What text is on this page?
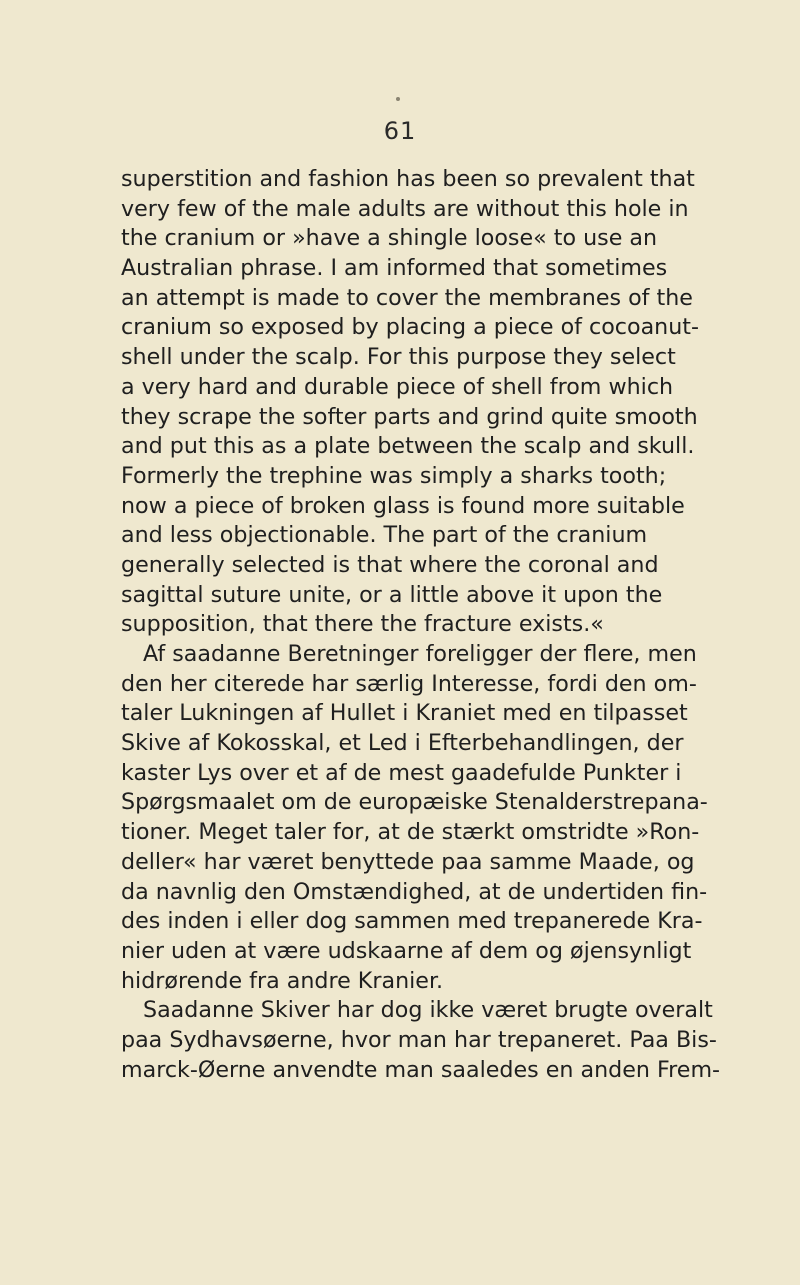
61
superstition and fashion has been so prevalent that
very few of the male adults are without this hole in
the cranium or »have a shingle loose« to use an
Australian phrase. I am informed that sometimes
an attempt is made to cover the membranes of the
cranium so exposed by placing a piece of cocoanut-
shell under the scalp. For this purpose they select
a very hard and durable piece of shell from which
they scrape the softer parts and grind quite smooth
and put this as a plate between the scalp and skull.
Formerly the trephine was simply a sharks tooth;
now a piece of broken glass is found more suitable
and less objectionable. The part of the cranium
generally selected is that where the coronal and
sagittal suture unite, or a little above it upon the
supposition, that there the fracture exists.«
Af saadanne Beretninger foreligger der flere, men
den her citerede har særlig Interesse, fordi den om-
taler Lukningen af Hullet i Kraniet med en tilpasset
Skive af Kokosskal, et Led i Efterbehandlingen, der
kaster Lys over et af de mest gaadefulde Punkter i
Spørgsmaalet om de europæiske Stenalderstrepana-
tioner. Meget taler for, at de stærkt omstridte »Ron-
deller« har været benyttede paa samme Maade, og
da navnlig den Omstændighed, at de undertiden fin-
des inden i eller dog sammen med trepanerede Kra-
nier uden at være udskaarne af dem og øjensynligt
hidrørende fra andre Kranier.
Saadanne Skiver har dog ikke været brugte overalt
paa Sydhavsøerne, hvor man har trepaneret. Paa Bis-
marck-Øerne anvendte man saaledes en anden Frem-
